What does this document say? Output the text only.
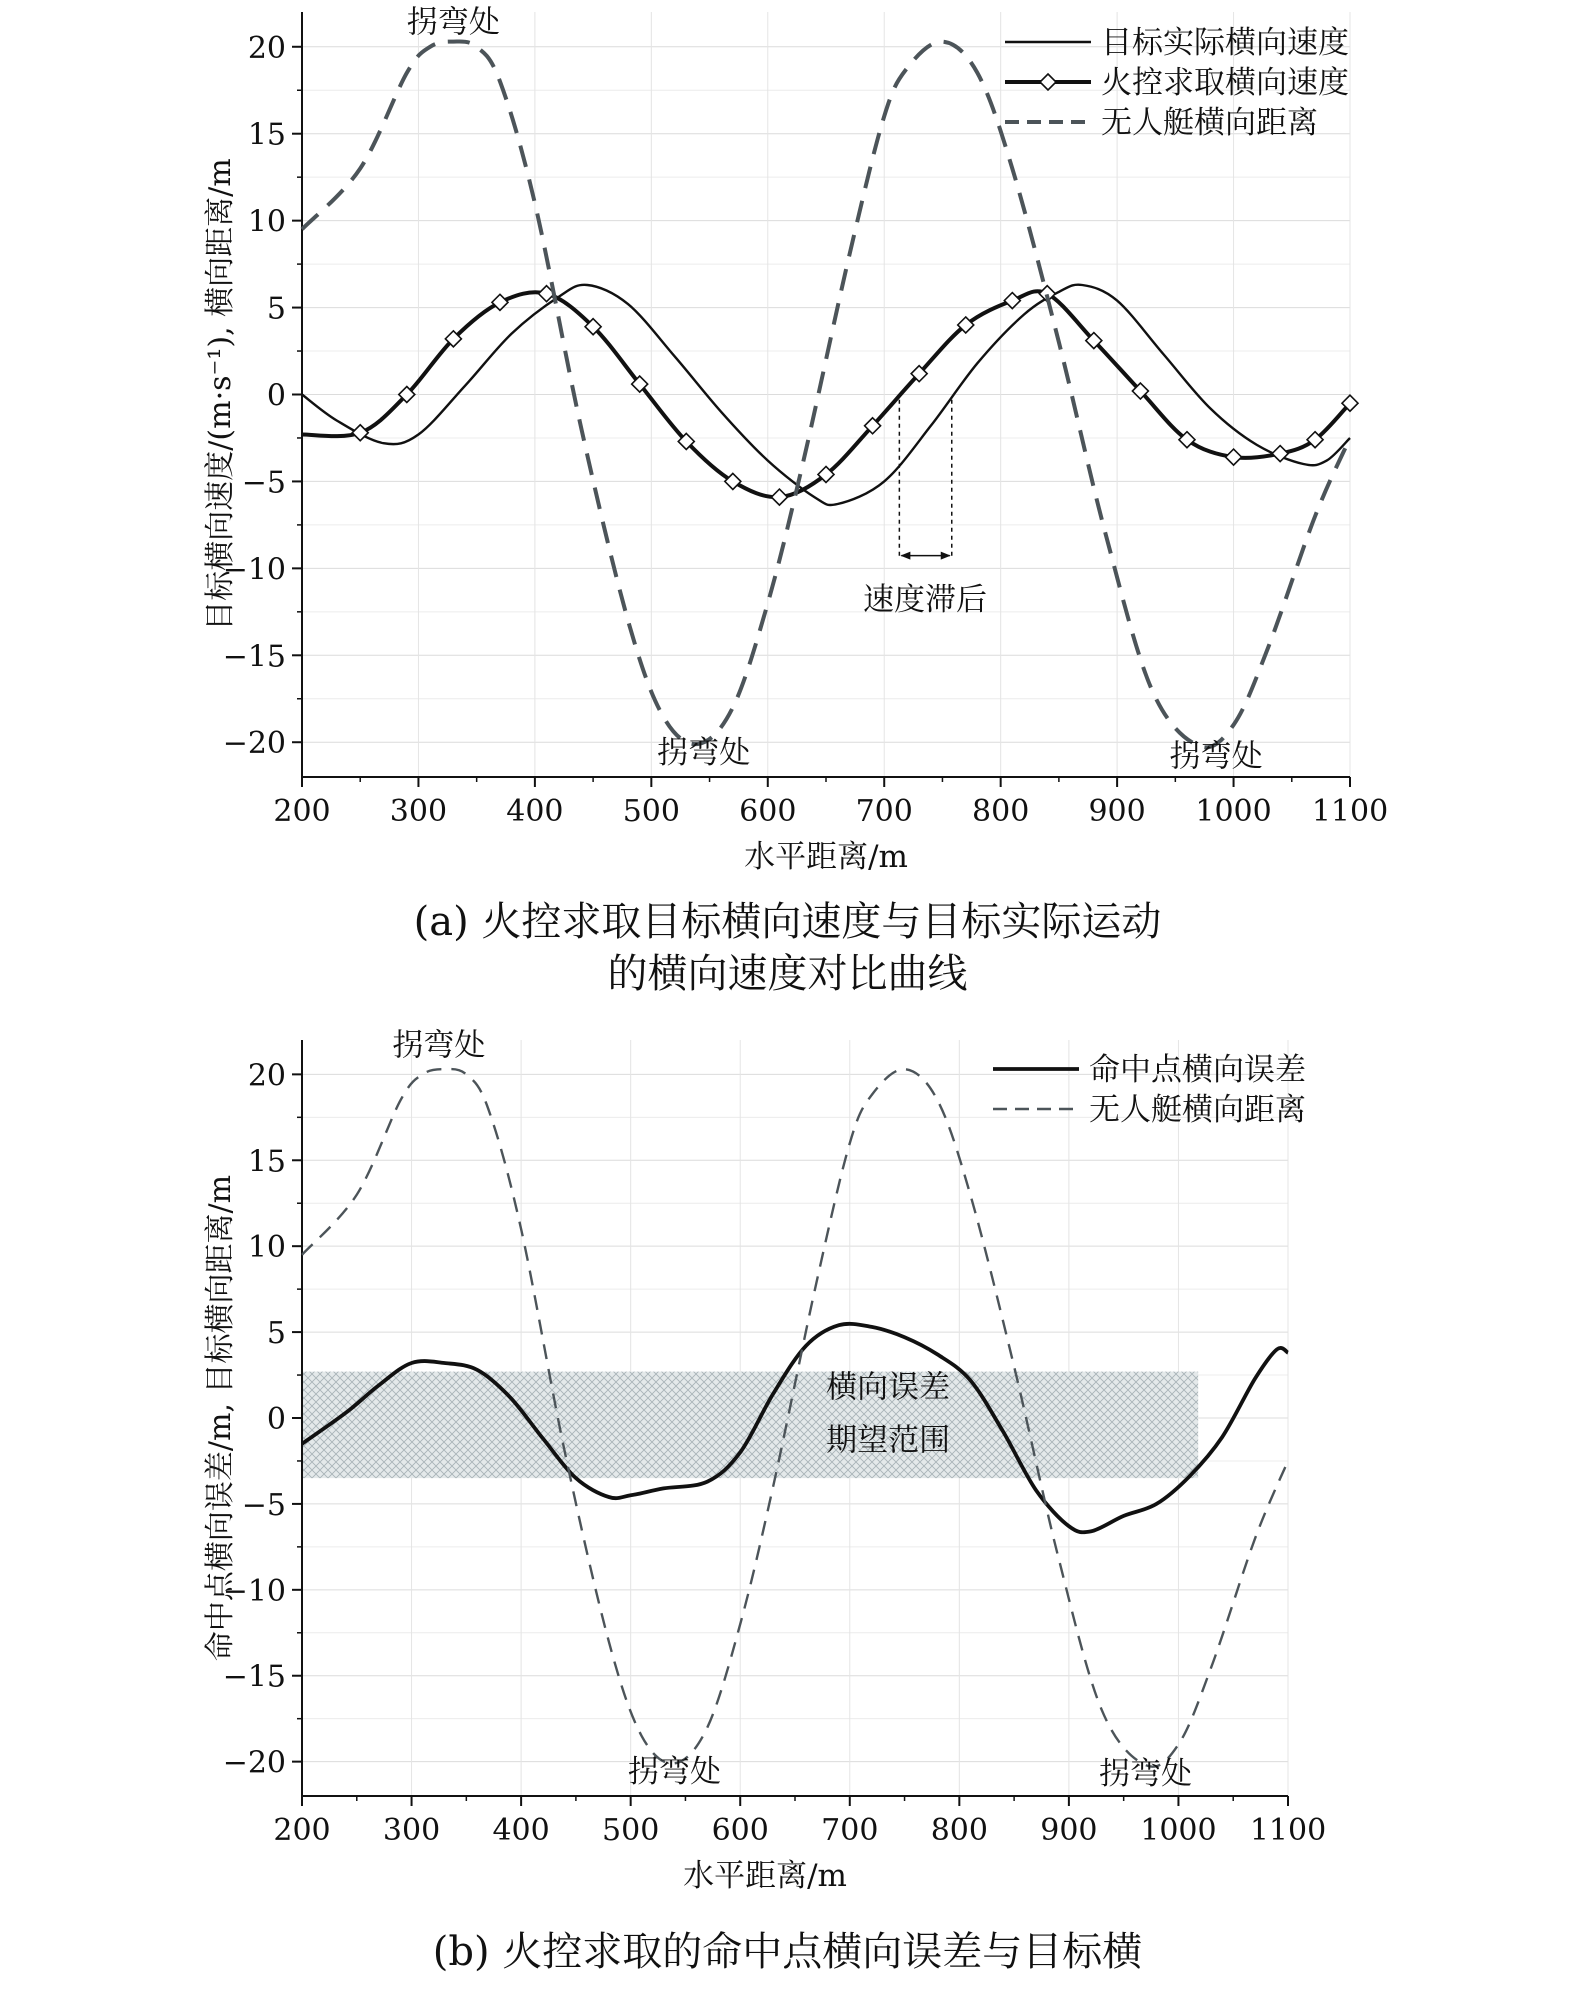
−20
−15
−10
−5
0
5
10
15
20
200 300 400 500 600 700 800 900 1000 1100
水平距离/m
目标横向速度/(m·s⁻¹), 横向距离/m
拐弯处
拐弯处	拐弯处
速度滞后
目标实际横向速度
火控求取横向速度
无人艇横向距离
(a) 火控求取目标横向速度与目标实际运动
的横向速度对比曲线
横向误差
期望范围
−20
−15
−10
−5
0
5
10
15
20
200 300 400 500 600 700 800 900 1000 1100
水平距离/m
命中点横向误差/m, 目标横向距离/m
拐弯处
拐弯处	拐弯处
命中点横向误差
无人艇横向距离
(b) 火控求取的命中点横向误差与目标横
